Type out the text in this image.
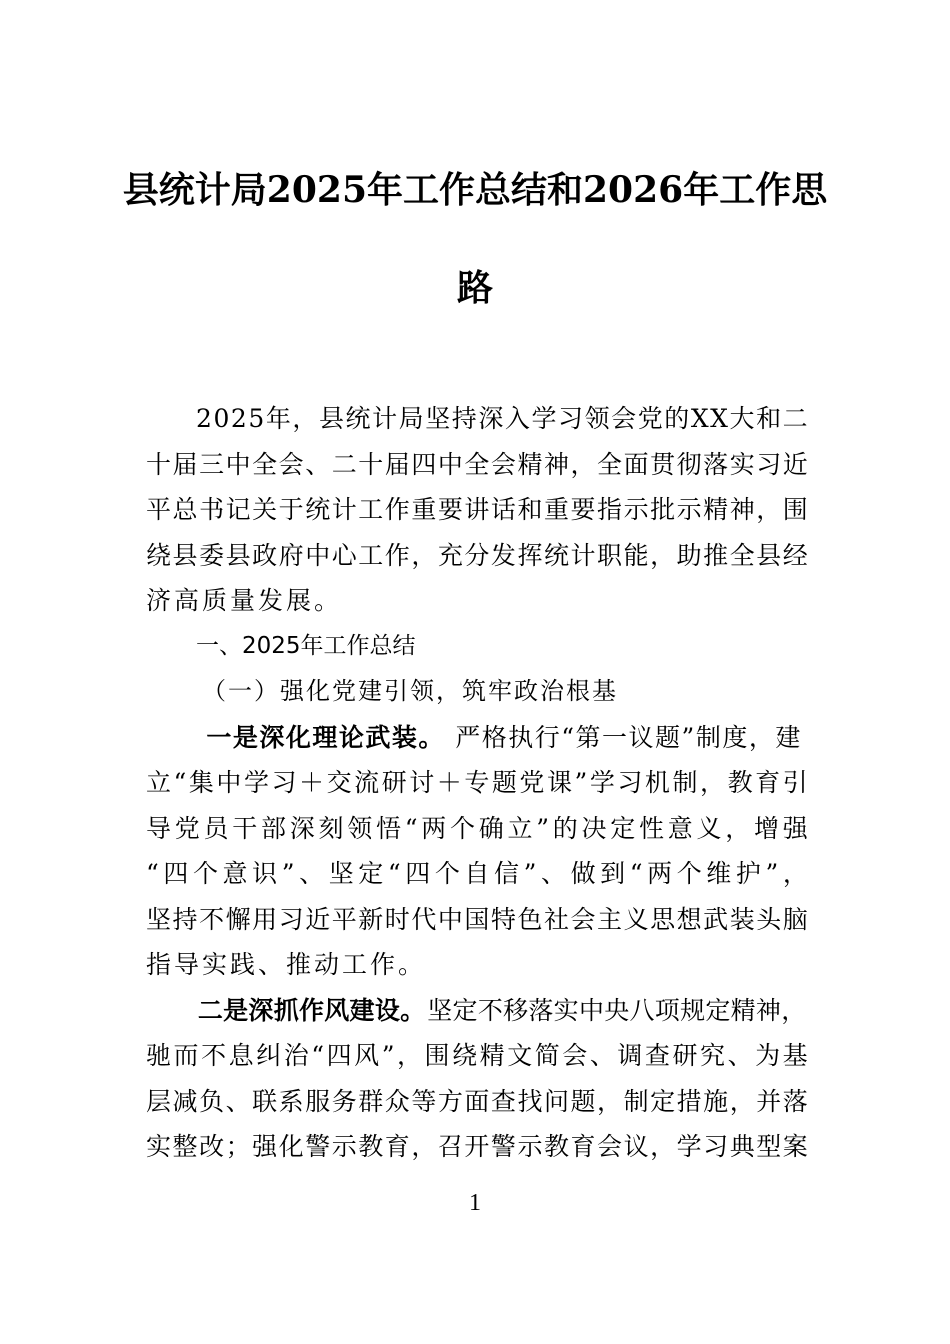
县统计局2025年工作总结和2026年工作思
路
2 0 2 5 年 ， 县 统 计 局 坚 持 深 入 学 习 领 会 党 的 X X 大 和 二
十 届 三 中 全 会 、 二 十 届 四 中 全 会 精 神 ， 全 面 贯 彻 落 实 习 近
平 总 书 记 关 于 统 计 工 作 重 要 讲 话 和 重 要 指 示 批 示 精 神 ， 围
绕 县 委 县 政 府 中 心 工 作 ， 充 分 发 挥 统 计 职 能 ， 助 推 全 县 经
济高质量发展。
一、2025年工作总结
（一）强化党建引领，筑牢政治根基
一 是 深 化 理 论 武 装 。 严 格 执 行 “ 第 一 议 题 ” 制 度 ， 建
立 “ 集 中 学 习 ＋ 交 流 研 讨 ＋ 专 题 党 课 ” 学 习 机 制 ， 教 育 引
导 党 员 干 部 深 刻 领 悟 “ 两 个 确 立 ” 的 决 定 性 意 义 ， 增 强
“ 四 个 意 识 ” 、 坚 定 “ 四 个 自 信 ” 、 做 到 “ 两 个 维 护 ” ，
坚 持 不 懈 用 习 近 平 新 时 代 中 国 特 色 社 会 主 义 思 想 武 装 头 脑
指导实践、推动工作。
二 是 深 抓 作 风 建 设 。 坚 定 不 移 落 实 中 央 八 项 规 定 精 神 ，
驰 而 不 息 纠 治 “ 四 风 ” ， 围 绕 精 文 简 会 、 调 查 研 究 、 为 基
层 减 负 、 联 系 服 务 群 众 等 方 面 查 找 问 题 ， 制 定 措 施 ， 并 落
实 整 改 ； 强 化 警 示 教 育 ， 召 开 警 示 教 育 会 议 ， 学 习 典 型 案
1
